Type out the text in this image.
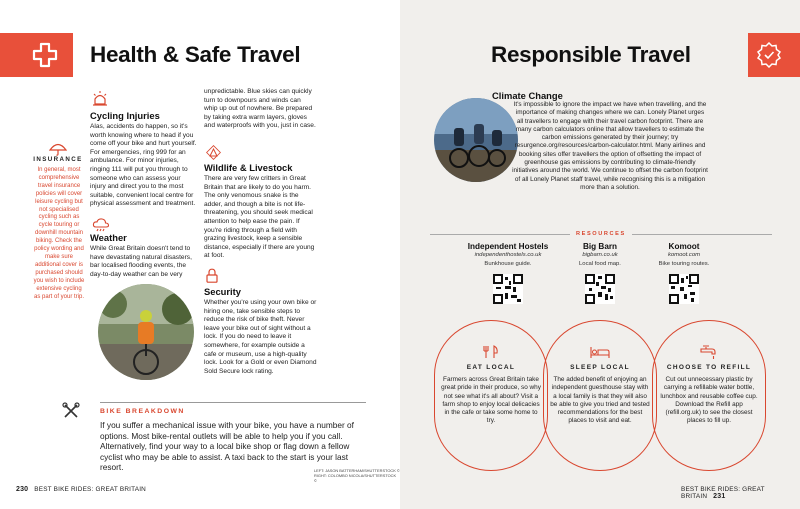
Health & Safe Travel
INSURANCE
In general, most comprehensive travel insurance policies will cover leisure cycling but not specialised cycling such as cycle touring or downhill mountain biking. Check the policy wording and make sure additional cover is purchased should you wish to include extensive cycling as part of your trip.
Cycling Injuries
Alas, accidents do happen, so it's worth knowing where to head if you come off your bike and hurt yourself. For emergencies, ring 999 for an ambulance. For minor injuries, ringing 111 will put you through to someone who can assess your injury and direct you to the most suitable, convenient local centre for physical assessment and treatment.
Weather
While Great Britain doesn't tend to have devastating natural disasters, bar localised flooding events, the day-to-day weather can be very
unpredictable. Blue skies can quickly turn to downpours and winds can whip up out of nowhere. Be prepared by taking extra warm layers, gloves and waterproofs with you, just in case.
Wildlife & Livestock
There are very few critters in Great Britain that are likely to do you harm. The only venomous snake is the adder, and though a bite is not life-threatening, you should seek medical attention to help ease the pain. If you're riding through a field with grazing livestock, keep a sensible distance, especially if there are young at foot.
Security
Whether you're using your own bike or hiring one, take sensible steps to reduce the risk of bike theft. Never leave your bike out of sight without a lock. If you do need to leave it somewhere, for example outside a cafe or museum, use a high-quality lock. Look for a Gold or even Diamond Sold Secure lock rating.
BIKE BREAKDOWN
If you suffer a mechanical issue with your bike, you have a number of options. Most bike-rental outlets will be able to help you if you call. Alternatively, find your way to a local bike shop or flag down a fellow cyclist who may be able to assist. A taxi back to the start is your last resort.	LEFT: JASON BATTERHAM/SHUTTERSTOCK ©
RIGHT: COLOMBO NICOLA/SHUTTERSTOCK ©
230 BEST BIKE RIDES: GREAT BRITAIN
Responsible Travel
Climate Change
It's impossible to ignore the impact we have when travelling, and the importance of making changes where we can. Lonely Planet urges all travellers to engage with their travel carbon footprint. There are many carbon calculators online that allow travellers to estimate the carbon emissions generated by their journey; try resurgence.org/resources/carbon-calculator.html. Many airlines and booking sites offer travellers the option of offsetting the impact of greenhouse gas emissions by contributing to climate-friendly initiatives around the world. We continue to offset the carbon footprint of all Lonely Planet staff travel, while recognising this is a mitigation more than a solution.
RESOURCES
Independent Hostels
independenthostels.co.uk
Bunkhouse guide.
Big Barn
bigbarn.co.uk
Local food map.
Komoot
komoot.com
Bike touring routes.
EAT LOCAL
Farmers across Great Britain take great pride in their produce, so why not see what it's all about? Visit a farm shop to enjoy local delicacies in the cafe or take some home to try.
SLEEP LOCAL
The added benefit of enjoying an independent guesthouse stay with a local family is that they will also be able to give you tried and tested recommendations for the best places to visit and eat.
CHOOSE TO REFILL
Cut out unnecessary plastic by carrying a refillable water bottle, lunchbox and reusable coffee cup. Download the Refill app (refill.org.uk) to see the closest places to fill up.
BEST BIKE RIDES: GREAT BRITAIN 231
